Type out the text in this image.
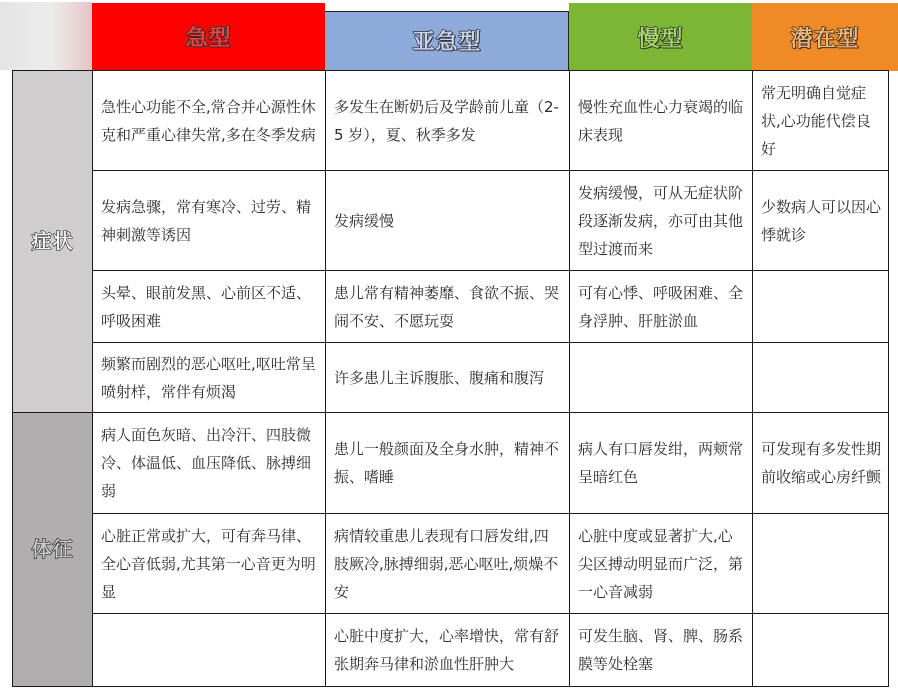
急型	亚急型	慢型	潜在型
症状	急性心功能不全,常合并心源性休克和严重心律失常,多在冬季发病	多发生在断奶后及学龄前儿童（2-5 岁），夏、秋季多发	慢性充血性心力衰竭的临床表现	常无明确自觉症状,心功能代偿良好
	发病急骤，常有寒冷、过劳、精神刺激等诱因	发病缓慢	发病缓慢，可从无症状阶段逐渐发病，亦可由其他型过渡而来	少数病人可以因心悸就诊
	头晕、眼前发黑、心前区不适、呼吸困难	患儿常有精神萎靡、食欲不振、哭闹不安、不愿玩耍	可有心悸、呼吸困难、全身浮肿、肝脏淤血	
	频繁而剧烈的恶心呕吐,呕吐常呈喷射样，常伴有烦渴	许多患儿主诉腹胀、腹痛和腹泻		
体征	病人面色灰暗、出冷汗、四肢微冷、体温低、血压降低、脉搏细弱	患儿一般颜面及全身水肿，精神不振、嗜睡	病人有口唇发绀，两颊常呈暗红色	可发现有多发性期前收缩或心房纤颤
	心脏正常或扩大，可有奔马律、全心音低弱,尤其第一心音更为明显	病情较重患儿表现有口唇发绀,四肢厥冷,脉搏细弱,恶心呕吐,烦燥不安	心脏中度或显著扩大,心尖区搏动明显而广泛，第一心音减弱	
		心脏中度扩大，心率增快，常有舒张期奔马律和淤血性肝肿大	可发生脑、肾、脾、肠系膜等处栓塞	
